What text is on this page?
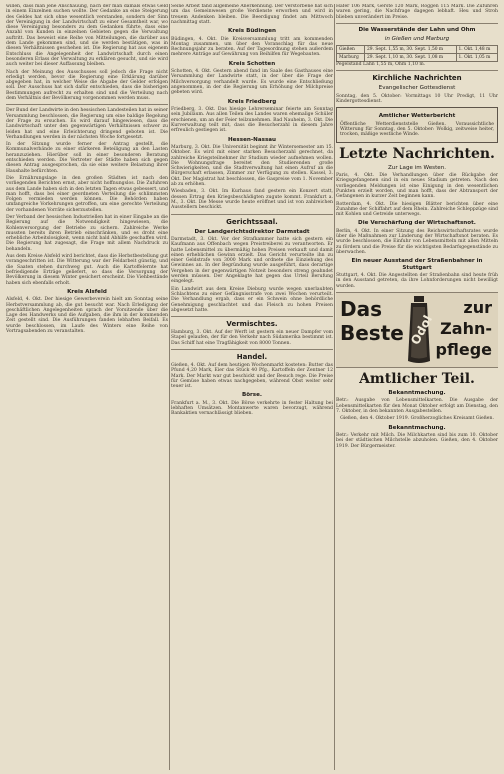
willen, dass man jene Anschauung, nach der man damals etwas Geld in einem Einzelnen suchen wollte. Der Gedanke an eine Steigerung des Geldes hat sich ohne wesentlich verstanden, sondern der Sinn der Vereinigung in der Landwirtschaft zu einer Gesamtheit war, wo diese Vereinigung besonders zu dem Gedanken führte, dass eine Anzahl von Kunden in einzelnen Gebieten gegen die Verwaltung auftritt. Das beweist eine Reihe von Mitteilungen, die darüber aus dem Lande gekommen sind, und sie werden bestätigen, was in diesen Verhältnissen geschehen ist. Die Regierung hat aus eigenem Entschluss die Angelegenheit der Landwirtschaft durch einen besonderen Erlass der Verwaltung zu erklären gesucht, und sie wird auch weiter bei dieser Auffassung bleiben.

Nach der Meinung des Ausschusses soll jedoch die Frage nicht erledigt werden, bevor die Regierung eine Erklärung darüber abgegeben hat, in welcher Weise die Abgabe der Gelder erfolgen soll. Der Ausschuss hat sich dafür entschieden, dass die bisherigen Bestimmungen aufrecht zu erhalten sind und die Verteilung nach dem Verhältnis der Bevölkerung vorgenommen werden muss.

Der Bund der Landwirte in den hessischen Landesteilen hat in seiner Versammlung beschlossen, die Regierung um eine baldige Regelung der Frage zu ersuchen. Es wird darauf hingewiesen, dass die Landwirtschaft unter den gegenwärtigen Verhältnissen schwer zu leiden hat und eine Erleichterung dringend geboten ist. Die Verhandlungen werden in der nächsten Woche fortgesetzt.

In der Sitzung wurde ferner der Antrag gestellt, die Kommunalverbände zu einer stärkeren Beteiligung an den Lasten heranzuziehen. Hierüber soll in einer besonderen Beratung entschieden werden. Die Vertreter der Städte haben sich gegen diesen Antrag ausgesprochen, da sie eine weitere Belastung ihrer Haushalte befürchten.

Die Ernährungslage in den großen Städten ist nach den vorliegenden Berichten ernst, aber nicht hoffnungslos. Die Zufuhren aus dem Lande haben sich in den letzten Tagen etwas gebessert, und man hofft, dass bei einer geordneten Verteilung die schlimmsten Folgen vermieden werden können. Die Behörden haben umfangreiche Vorkehrungen getroffen, um eine gerechte Verteilung der vorhandenen Vorräte sicherzustellen.

Der Verband der hessischen Industriellen hat in einer Eingabe an die Regierung auf die Notwendigkeit hingewiesen, die Kohlenversorgung der Betriebe zu sichern. Zahlreiche Werke mussten bereits ihren Betrieb einschränken, und es droht eine erhebliche Arbeitslosigkeit, wenn nicht bald Abhilfe geschaffen wird. Die Regierung hat zugesagt, die Frage mit allem Nachdruck zu behandeln.

Aus dem Kreise Alsfeld wird berichtet, dass die Herbstbestellung gut vorangeschritten ist. Die Witterung war der Feldarbeit günstig, und die Saaten stehen durchweg gut. Auch die Kartoffelernte hat befriedigende Erträge geliefert, so dass die Versorgung der Bevölkerung in diesem Winter gesichert erscheint. Die Viehbestände haben sich ebenfalls erholt.

Kreis Alsfeld

Alsfeld, 4. Okt. Der hiesige Gewerbeverein hielt am Sonntag seine Herbstversammlung ab, die gut besucht war. Nach Erledigung der geschäftlichen Angelegenheiten sprach der Vorsitzende über die Lage des Handwerks und die Aufgaben, die ihm in der kommenden Zeit gestellt sind. Die Ausführungen fanden lebhaften Beifall. Es wurde beschlossen, im Laufe des Winters eine Reihe von Vortragsabenden zu veranstalten.

Seine Arbeit fand allgemeine Anerkennung. Der Verstorbene hat sich um das Gemeinwesen große Verdienste erworben und wird in treuem Andenken bleiben. Die Beerdigung findet am Mittwoch nachmittag statt.

Kreis Büdingen

Büdingen, 4. Okt. Die Kreisversammlung tritt am kommenden Montag zusammen, um über den Voranschlag für das neue Rechnungsjahr zu beraten. Auf der Tagesordnung stehen außerdem mehrere Anträge auf Gewährung von Beihilfen für Wegebauten.

Kreis Schotten

Schotten, 4. Okt. Gestern abend fand im Saale des Gasthauses eine Versammlung der Landwirte statt, in der über die Frage der Milchversorgung verhandelt wurde. Es wurde eine Entschließung angenommen, in der die Regierung um Erhöhung der Milchpreise gebeten wird.

Kreis Friedberg

Friedberg, 3. Okt. Das hiesige Lehrerseminar feierte am Sonntag sein Jubiläum. Aus allen Teilen des Landes waren ehemalige Schüler erschienen, um an der Feier teilzunehmen. Bad Nauheim, 3. Okt. Die Kurverwaltung teilt mit, dass die Besucherzahl in diesem Jahre erfreulich gestiegen ist.

Hessen-Nassau

Marburg, 3. Okt. Die Universität beginnt ihr Wintersemester am 15. Oktober. Es wird mit einer starken Besucherzahl gerechnet, da zahlreiche Kriegsteilnehmer ihr Studium wieder aufnehmen wollen. Die Wohnungsfrage bereitet den Studierenden große Schwierigkeiten, und die Stadtverwaltung hat einen Aufruf an die Bürgerschaft erlassen, Zimmer zur Verfügung zu stellen. Kassel, 3. Okt. Der Magistrat hat beschlossen, die Gaspreise vom 1. November ab zu erhöhen.

Wiesbaden, 3. Okt. Im Kurhaus fand gestern ein Konzert statt, dessen Ertrag den Kriegsbeschädigten zugute kommt. Frankfurt a. M., 3. Okt. Die Messe wurde heute eröffnet und ist von zahlreichen Ausstellern beschickt.

Gerichtssaal.
Der Landgerichtsdirektor Darmstadt

Darmstadt, 3. Okt. Vor der Strafkammer hatte sich gestern ein Kaufmann aus Offenbach wegen Preistreiberei zu verantworten. Er hatte Lebensmittel zu übermäßig hohen Preisen verkauft und damit einen erheblichen Gewinn erzielt. Das Gericht verurteilte ihn zu einer Geldstrafe von 3000 Mark und ordnete die Einziehung des Gewinnes an. In der Begründung wurde ausgeführt, dass derartige Vergehen in der gegenwärtigen Notzeit besonders streng geahndet werden müssen. Der Angeklagte hat gegen das Urteil Berufung eingelegt.

Ein Landwirt aus dem Kreise Dieburg wurde wegen unerlaubten Schlachtens zu einer Gefängnisstrafe von zwei Wochen verurteilt. Die Verhandlung ergab, dass er ein Schwein ohne behördliche Genehmigung geschlachtet und das Fleisch zu hohen Preisen abgesetzt hatte.

Vermischtes.

Hamburg, 3. Okt. Auf der Werft ist gestern ein neuer Dampfer vom Stapel gelaufen, der für den Verkehr nach Südamerika bestimmt ist. Das Schiff hat eine Tragfähigkeit von 8000 Tonnen.

Handel.

Gießen, 4. Okt. Auf dem heutigen Wochenmarkt kosteten: Butter das Pfund 4,20 Mark, Eier das Stück 40 Pfg., Kartoffeln der Zentner 12 Mark. Der Markt war gut beschickt und der Besuch rege. Die Preise für Gemüse haben etwas nachgegeben, während Obst weiter sehr teuer ist.

Börse.

Frankfurt a. M., 3. Okt. Die Börse verkehrte in fester Haltung bei lebhaften Umsätzen. Montanwerte waren bevorzugt, während Bankaktien vernachlässigt blieben.

Hafer 106 Mark, Gerste 120 Mark, Roggen 115 Mark. Die Zufuhren waren gering, die Nachfrage dagegen lebhaft. Heu und Stroh blieben unverändert im Preise.

Die Wasserstände der Lahn und Ohm
in Gießen und Marburg
Gießen	29. Sept. 1,55 m, 30. Sept. 1,50 m	1. Okt. 1,48 m
Marburg	29. Sept. 1,10 m, 30. Sept. 1,08 m	1. Okt. 1,05 m

Pegelstand Lahn 1,55 m, Ohm 1,10 m.

Kirchliche Nachrichten
Evangelischer Gottesdienst

Sonntag, den 5. Oktober: Vormittags 10 Uhr Predigt, 11 Uhr Kindergottesdienst.

Amtlicher Wetterbericht

Öffentliche Wetterdienststelle Gießen. Voraussichtliche Witterung für Sonntag, den 5. Oktober: Wolkig, zeitweise heiter, trocken, mäßige westliche Winde.

Letzte Nachrichten.
Zur Lage im Westen.

Paris, 4. Okt. Die Verhandlungen über die Rückgabe der Kriegsgefangenen sind in ein neues Stadium getreten. Nach den vorliegenden Meldungen ist eine Einigung in den wesentlichen Punkten erzielt worden, und man hofft, dass der Abtransport der Gefangenen in kurzer Zeit beginnen kann.

Rotterdam, 4. Okt. Die hiesigen Blätter berichten über eine Zunahme der Schiffahrt auf dem Rhein. Zahlreiche Schleppzüge sind mit Kohlen und Getreide unterwegs.

Die Verschärfung der Wirtschaftsnot.

Berlin, 4. Okt. In einer Sitzung des Reichswirtschaftsrates wurde über die Maßnahmen zur Linderung der Wirtschaftsnot beraten. Es wurde beschlossen, die Einfuhr von Lebensmitteln mit allen Mitteln zu fördern und die Preise für die wichtigsten Bedarfsgegenstände zu überwachen.

Ein neuer Ausstand der Straßenbahner in Stuttgart

Stuttgart, 4. Okt. Die Angestellten der Straßenbahn sind heute früh in den Ausstand getreten, da ihre Lohnforderungen nicht bewilligt wurden.

Das
Beste Odol
zur
Zahn-
pflege
Amtlicher Teil.
Bekanntmachung.

Betr.: Ausgabe von Lebensmittelkarten. Die Ausgabe der Lebensmittelkarten für den Monat Oktober erfolgt am Dienstag, den 7. Oktober, in den bekannten Ausgabestellen.

Gießen, den 4. Oktober 1919. Großherzogliches Kreisamt Gießen.

Bekanntmachung.

Betr.: Verkehr mit Milch. Die Milchkarten sind bis zum 10. Oktober bei der städtischen Milchstelle abzuholen. Gießen, den 4. Oktober 1919. Der Bürgermeister.
